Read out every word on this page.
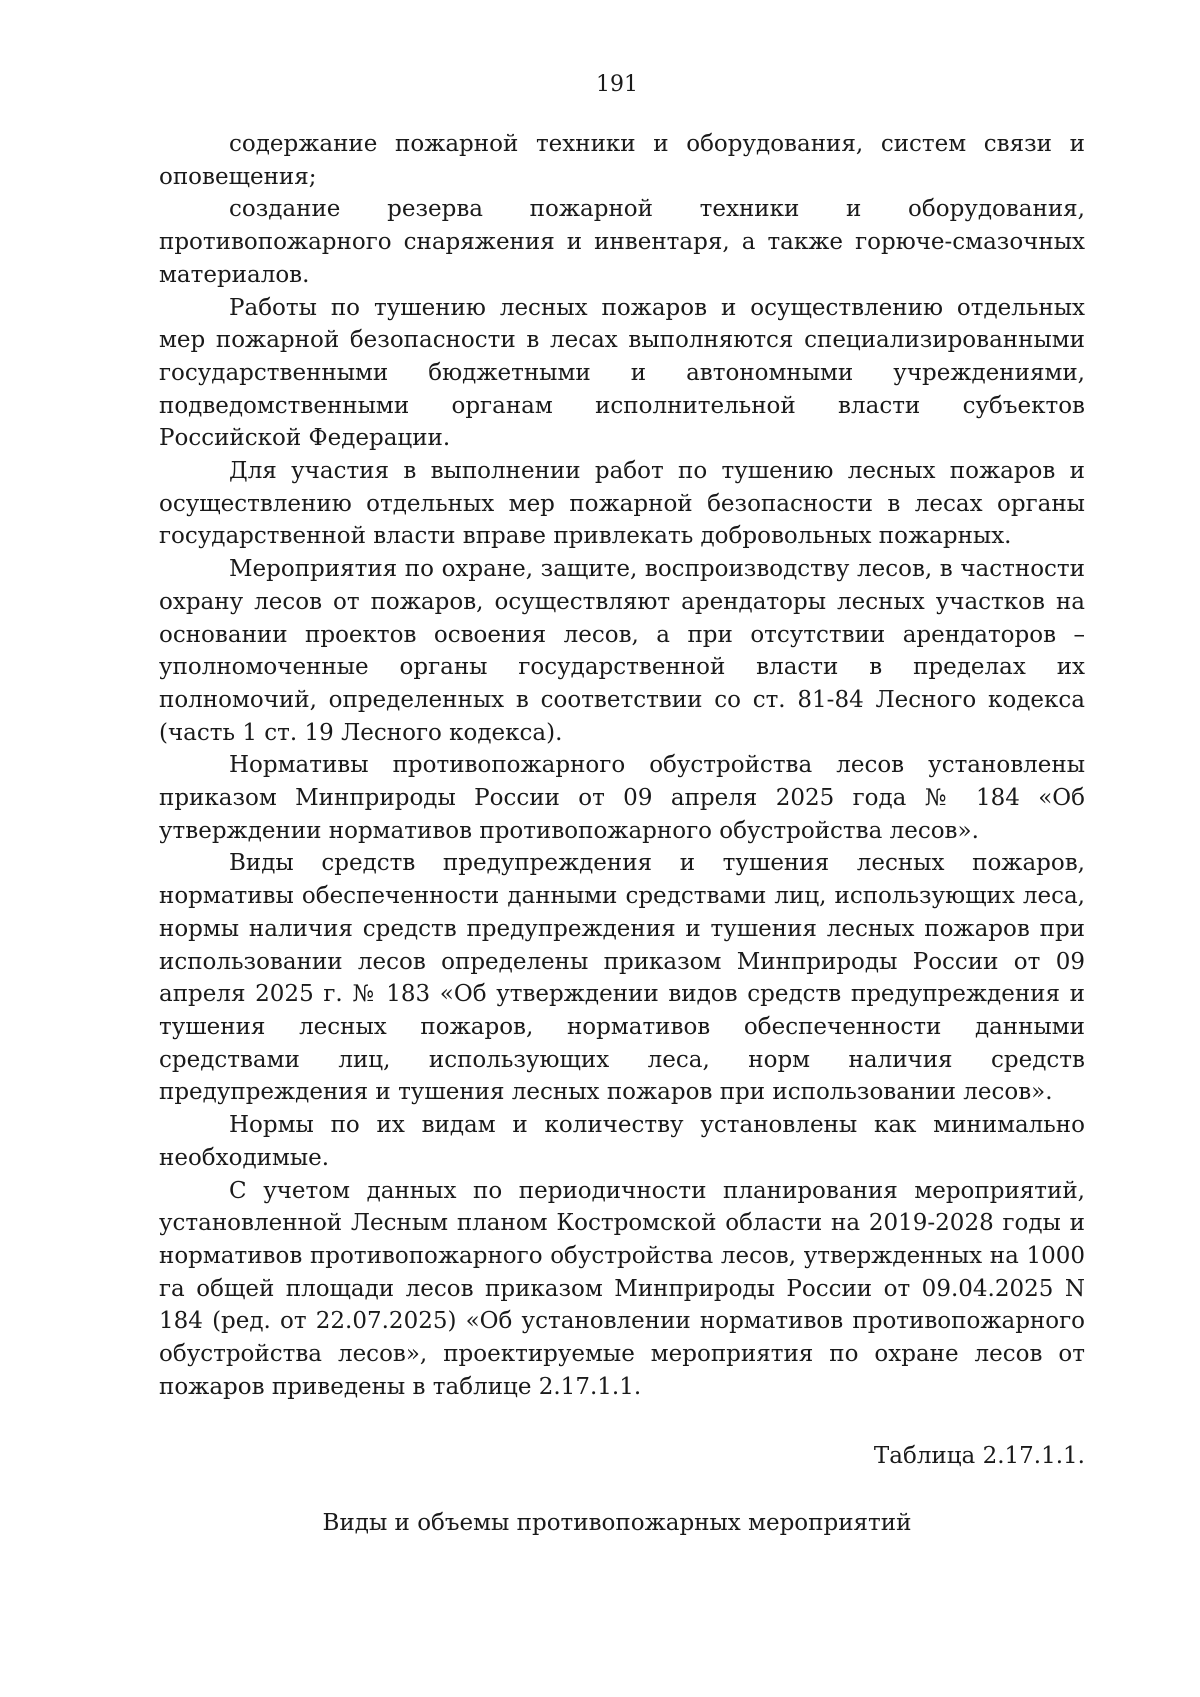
191

содержание пожарной техники и оборудования, систем связи и оповещения;

создание резерва пожарной техники и оборудования, противопожарного снаряжения и инвентаря, а также горюче-смазочных материалов.

Работы по тушению лесных пожаров и осуществлению отдельных мер пожарной безопасности в лесах выполняются специализированными государственными бюджетными и автономными учреждениями, подведомственными органам исполнительной власти субъектов Российской Федерации.

Для участия в выполнении работ по тушению лесных пожаров и осуществлению отдельных мер пожарной безопасности в лесах органы государственной власти вправе привлекать добровольных пожарных.

Мероприятия по охране, защите, воспроизводству лесов, в частности охрану лесов от пожаров, осуществляют арендаторы лесных участков на основании проектов освоения лесов, а при отсутствии арендаторов – уполномоченные органы государственной власти в пределах их полномочий, определенных в соответствии со ст. 81-84 Лесного кодекса (часть 1 ст. 19 Лесного кодекса).

Нормативы противопожарного обустройства лесов установлены приказом Минприроды России от 09 апреля 2025 года № 184 «Об утверждении нормативов противопожарного обустройства лесов».

Виды средств предупреждения и тушения лесных пожаров, нормативы обеспеченности данными средствами лиц, использующих леса, нормы наличия средств предупреждения и тушения лесных пожаров при использовании лесов определены приказом Минприроды России от 09 апреля 2025 г. № 183 «Об утверждении видов средств предупреждения и тушения лесных пожаров, нормативов обеспеченности данными средствами лиц, использующих леса, норм наличия средств предупреждения и тушения лесных пожаров при использовании лесов».

Нормы по их видам и количеству установлены как минимально необходимые.

С учетом данных по периодичности планирования мероприятий, установленной Лесным планом Костромской области на 2019-2028 годы и нормативов противопожарного обустройства лесов, утвержденных на 1000 га общей площади лесов приказом Минприроды России от 09.04.2025 N 184 (ред. от 22.07.2025) «Об установлении нормативов противопожарного обустройства лесов», проектируемые мероприятия по охране лесов от пожаров приведены в таблице 2.17.1.1.

Таблица 2.17.1.1.
Виды и объемы противопожарных мероприятий
